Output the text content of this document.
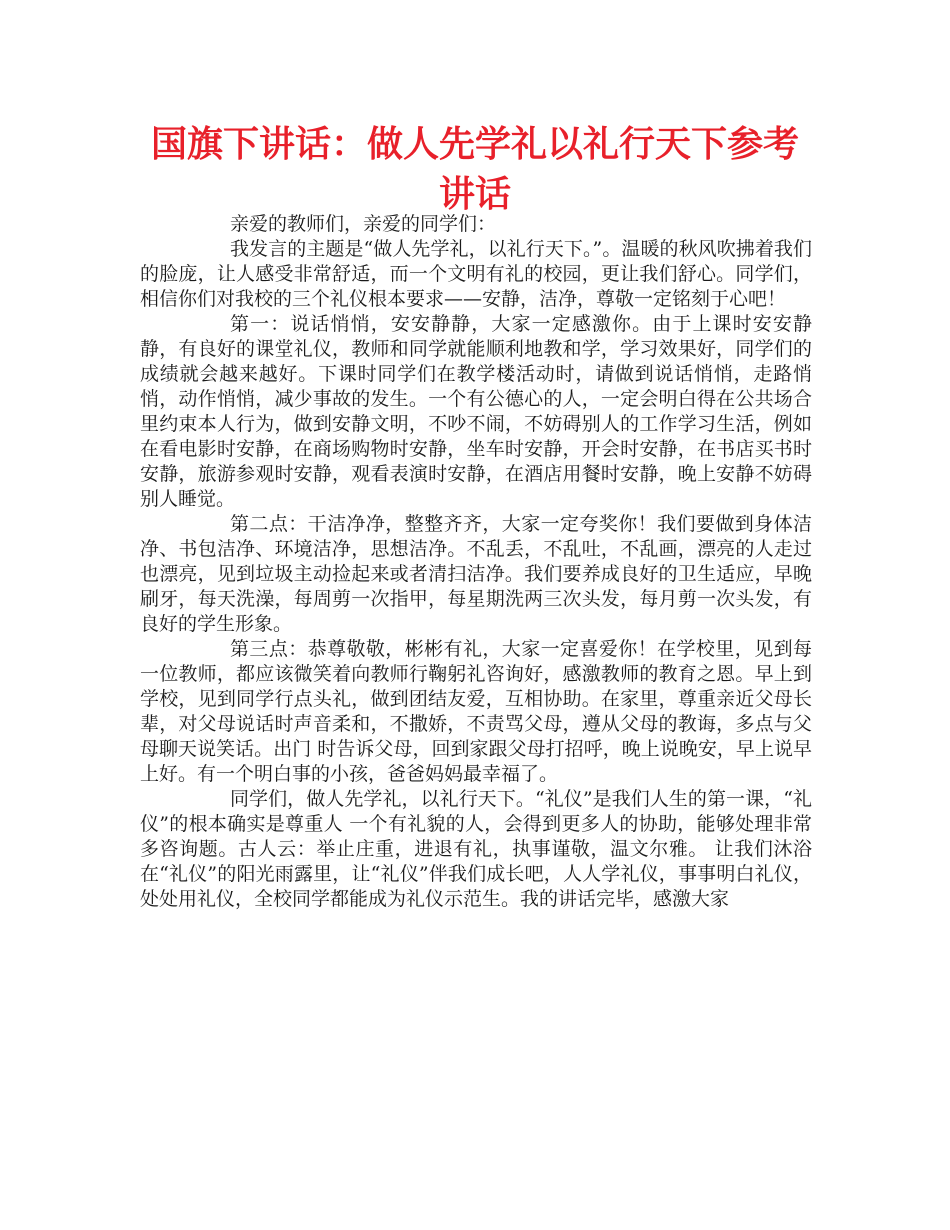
国旗下讲话：做人先学礼以礼行天下参考
讲话

亲爱的教师们，亲爱的同学们：

我发言的主题是“做人先学礼，以礼行天下。”。温暖的秋风吹拂着我们的脸庞，让人感受非常舒适，而一个文明有礼的校园，更让我们舒心。同学们，相信你们对我校的三个礼仪根本要求——安静，洁净，尊敬一定铭刻于心吧！

第一：说话悄悄，安安静静，大家一定感激你。由于上课时安安静静，有良好的课堂礼仪，教师和同学就能顺利地教和学，学习效果好，同学们的成绩就会越来越好。下课时同学们在教学楼活动时，请做到说话悄悄，走路悄悄，动作悄悄，减少事故的发生。一个有公德心的人，一定会明白得在公共场合里约束本人行为，做到安静文明，不吵不闹，不妨碍别人的工作学习生活，例如在看电影时安静，在商场购物时安静，坐车时安静，开会时安静，在书店买书时安静，旅游参观时安静，观看表演时安静，在酒店用餐时安静，晚上安静不妨碍别人睡觉。

第二点：干洁净净，整整齐齐，大家一定夸奖你！我们要做到身体洁净、书包洁净、环境洁净，思想洁净。不乱丢，不乱吐，不乱画，漂亮的人走过也漂亮，见到垃圾主动捡起来或者清扫洁净。我们要养成良好的卫生适应，早晚刷牙，每天洗澡，每周剪一次指甲，每星期洗两三次头发，每月剪一次头发，有良好的学生形象。

第三点：恭尊敬敬，彬彬有礼，大家一定喜爱你！在学校里，见到每一位教师，都应该微笑着向教师行鞠躬礼咨询好，感激教师的教育之恩。早上到学校，见到同学行点头礼，做到团结友爱，互相协助。在家里，尊重亲近父母长辈，对父母说话时声音柔和，不撒娇，不责骂父母，遵从父母的教诲，多点与父母聊天说笑话。出门 时告诉父母，回到家跟父母打招呼，晚上说晚安，早上说早上好。有一个明白事的小孩，爸爸妈妈最幸福了。

同学们，做人先学礼，以礼行天下。“礼仪”是我们人生的第一课，“礼仪”的根本确实是尊重人 一个有礼貌的人，会得到更多人的协助，能够处理非常多咨询题。古人云：举止庄重，进退有礼，执事谨敬，温文尔雅。 让我们沐浴在“礼仪”的阳光雨露里，让“礼仪”伴我们成长吧，人人学礼仪，事事明白礼仪，处处用礼仪，全校同学都能成为礼仪示范生。我的讲话完毕，感激大家
